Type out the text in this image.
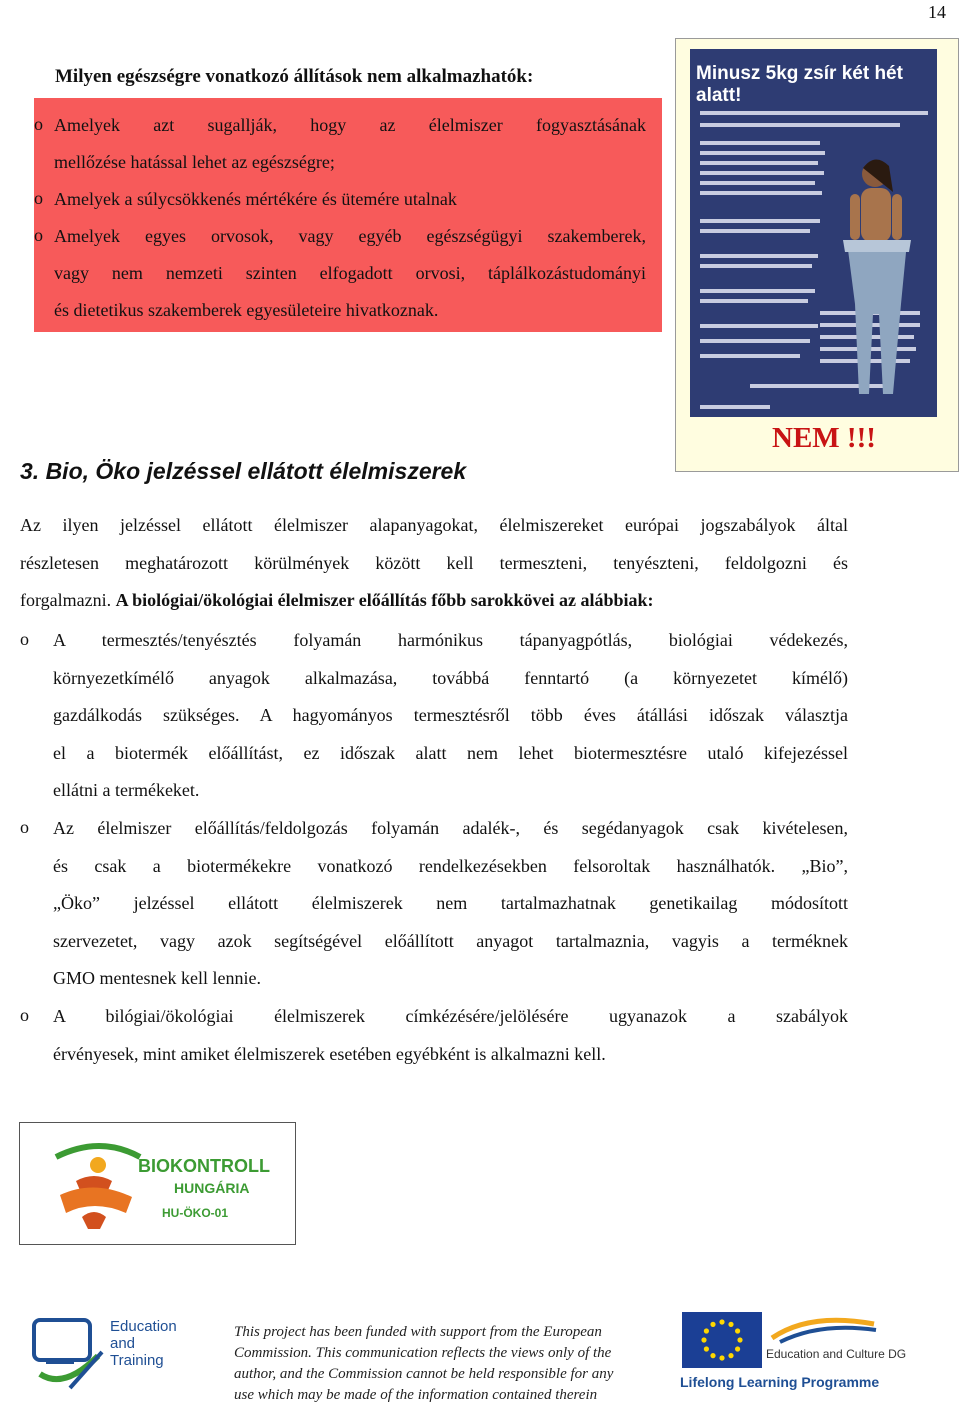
14
Milyen egészségre vonatkozó állítások nem alkalmazhatók:
o Amelyek azt sugallják, hogy az élelmiszer fogyasztásának
mellőzése hatással lehet az egészségre;
o Amelyek a súlycsökkenés mértékére és ütemére utalnak
o Amelyek egyes orvosok, vagy egyéb egészségügyi szakemberek,
vagy nem nemzeti szinten elfogadott orvosi, táplálkozástudományi
és dietetikus szakemberek egyesületeire hivatkoznak.
Minusz 5kg zsír két hét alatt!
NEM !!!
3. Bio, Öko jelzéssel ellátott élelmiszerek
Az ilyen jelzéssel ellátott élelmiszer alapanyagokat, élelmiszereket európai jogszabályok által
részletesen meghatározott körülmények között kell termeszteni, tenyészteni, feldolgozni és
forgalmazni. A biológiai/ökológiai élelmiszer előállítás főbb sarokkövei az alábbiak:
o A termesztés/tenyésztés folyamán harmónikus tápanyagpótlás, biológiai védekezés,
környezetkímélő anyagok alkalmazása, továbbá fenntartó (a környezetet kímélő)
gazdálkodás szükséges. A hagyományos termesztésről több éves átállási időszak választja
el a biotermék előállítást, ez időszak alatt nem lehet biotermesztésre utaló kifejezéssel
ellátni a termékeket.
o Az élelmiszer előállítás/feldolgozás folyamán adalék-, és segédanyagok csak kivételesen,
és csak a biotermékekre vonatkozó rendelkezésekben felsoroltak használhatók. „Bio”,
„Öko” jelzéssel ellátott élelmiszerek nem tartalmazhatnak genetikailag módosított
szervezetet, vagy azok segítségével előállított anyagot tartalmaznia, vagyis a terméknek
GMO mentesnek kell lennie.
o A bilógiai/ökológiai élelmiszerek címkézésére/jelölésére ugyanazok a szabályok
érvényesek, mint amiket élelmiszerek esetében egyébként is alkalmazni kell.
BIOKONTROLL
HUNGÁRIA
HU-ÖKO-01
Education
and
Training
This project has been funded with support from the European
Commission. This communication reflects the views only of the
author, and the Commission cannot be held responsible for any
use which may be made of the information contained therein
Education and Culture DG
Lifelong Learning Programme
